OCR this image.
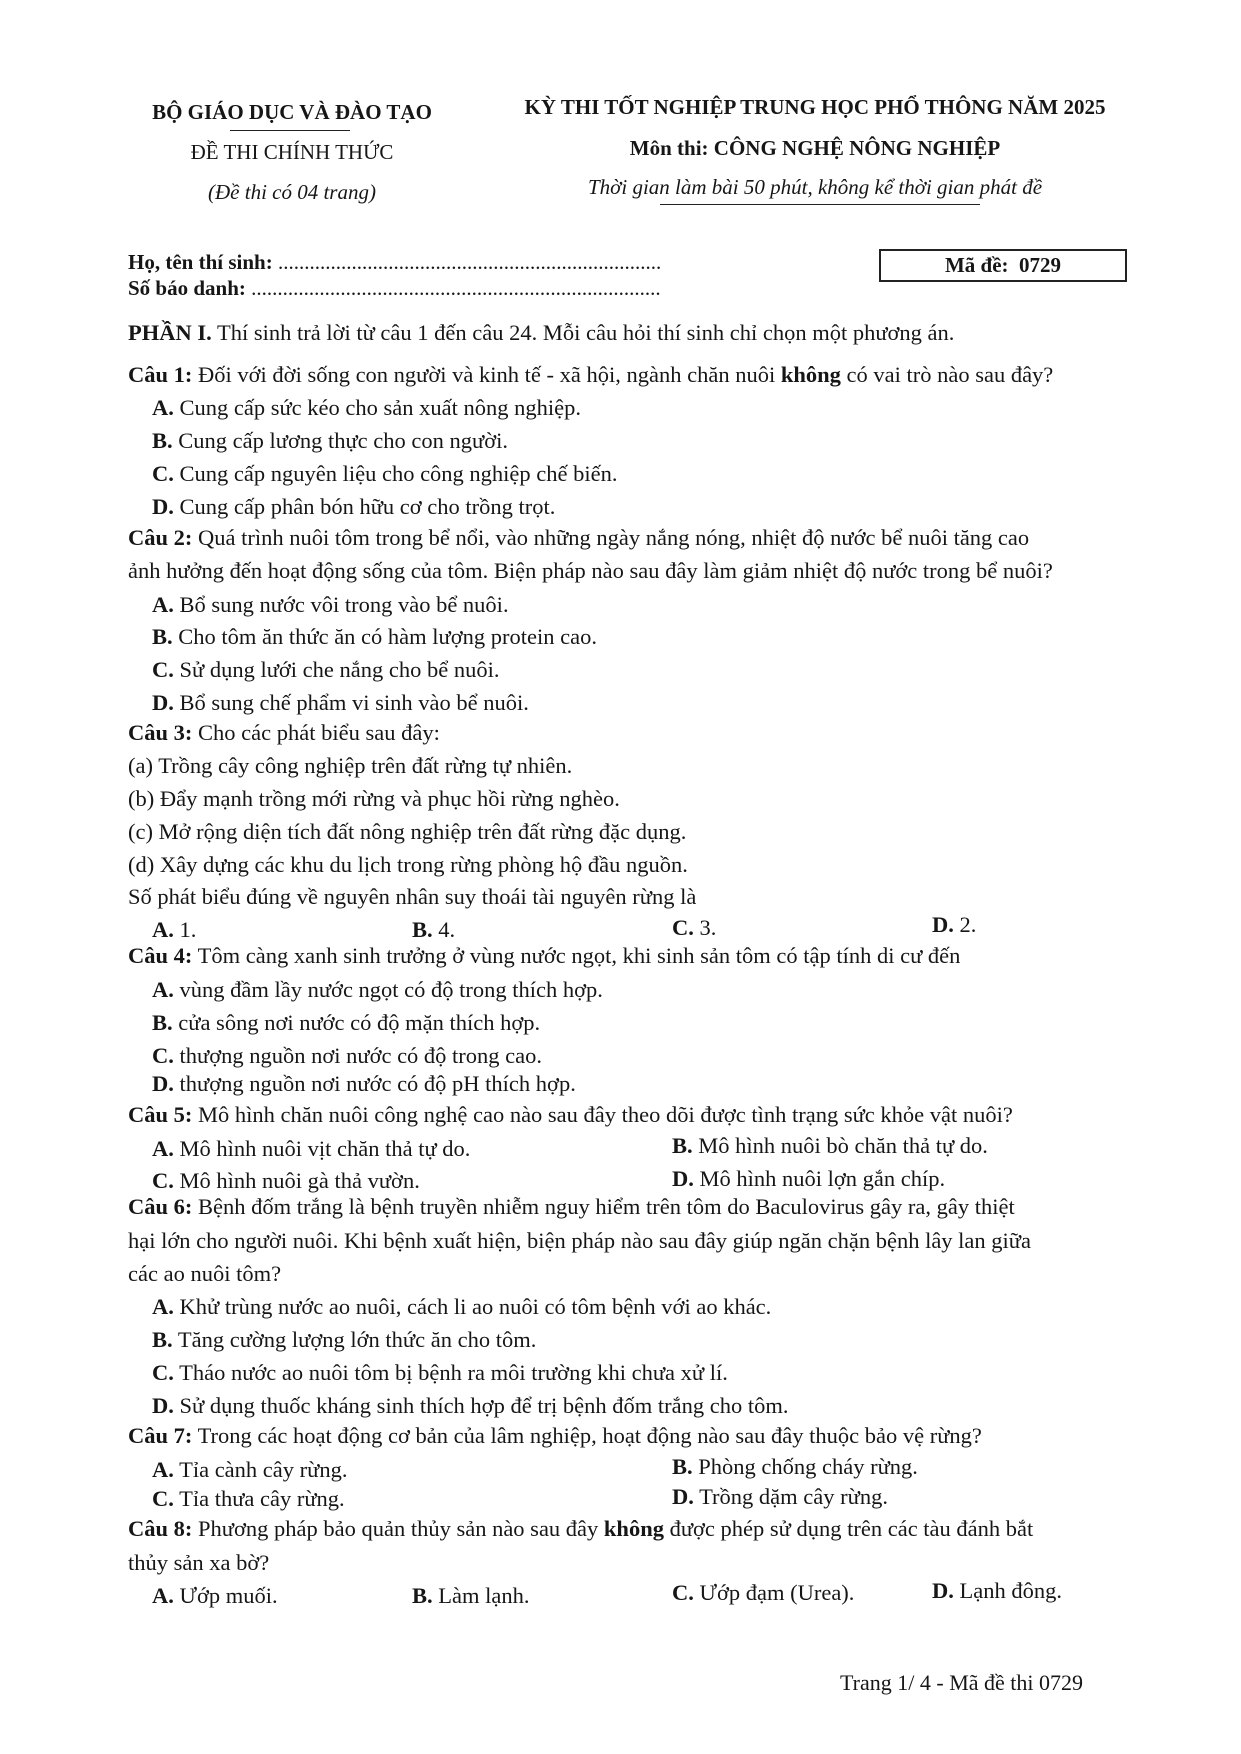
BỘ GIÁO DỤC VÀ ĐÀO TẠO
ĐỀ THI CHÍNH THỨC
(Đề thi có 04 trang)
KỲ THI TỐT NGHIỆP TRUNG HỌC PHỔ THÔNG NĂM 2025
Môn thi: CÔNG NGHỆ NÔNG NGHIỆP
Thời gian làm bài 50 phút, không kể thời gian phát đề
Họ, tên thí sinh: .........................................................................
Số báo danh: ..............................................................................
Mã đề: 0729
PHẦN I. Thí sinh trả lời từ câu 1 đến câu 24. Mỗi câu hỏi thí sinh chỉ chọn một phương án.
Câu 1: Đối với đời sống con người và kinh tế - xã hội, ngành chăn nuôi không có vai trò nào sau đây?
A. Cung cấp sức kéo cho sản xuất nông nghiệp.
B. Cung cấp lương thực cho con người.
C. Cung cấp nguyên liệu cho công nghiệp chế biến.
D. Cung cấp phân bón hữu cơ cho trồng trọt.
Câu 2: Quá trình nuôi tôm trong bể nổi, vào những ngày nắng nóng, nhiệt độ nước bể nuôi tăng cao
ảnh hưởng đến hoạt động sống của tôm. Biện pháp nào sau đây làm giảm nhiệt độ nước trong bể nuôi?
A. Bổ sung nước vôi trong vào bể nuôi.
B. Cho tôm ăn thức ăn có hàm lượng protein cao.
C. Sử dụng lưới che nắng cho bể nuôi.
D. Bổ sung chế phẩm vi sinh vào bể nuôi.
Câu 3: Cho các phát biểu sau đây:
(a) Trồng cây công nghiệp trên đất rừng tự nhiên.
(b) Đẩy mạnh trồng mới rừng và phục hồi rừng nghèo.
(c) Mở rộng diện tích đất nông nghiệp trên đất rừng đặc dụng.
(d) Xây dựng các khu du lịch trong rừng phòng hộ đầu nguồn.
Số phát biểu đúng về nguyên nhân suy thoái tài nguyên rừng là
A. 1.	B. 4.	C. 3.	D. 2.
Câu 4: Tôm càng xanh sinh trưởng ở vùng nước ngọt, khi sinh sản tôm có tập tính di cư đến
A. vùng đầm lầy nước ngọt có độ trong thích hợp.
B. cửa sông nơi nước có độ mặn thích hợp.
C. thượng nguồn nơi nước có độ trong cao.
D. thượng nguồn nơi nước có độ pH thích hợp.
Câu 5: Mô hình chăn nuôi công nghệ cao nào sau đây theo dõi được tình trạng sức khỏe vật nuôi?
A. Mô hình nuôi vịt chăn thả tự do.	B. Mô hình nuôi bò chăn thả tự do.
C. Mô hình nuôi gà thả vườn.	D. Mô hình nuôi lợn gắn chíp.
Câu 6: Bệnh đốm trắng là bệnh truyền nhiễm nguy hiểm trên tôm do Baculovirus gây ra, gây thiệt
hại lớn cho người nuôi. Khi bệnh xuất hiện, biện pháp nào sau đây giúp ngăn chặn bệnh lây lan giữa
các ao nuôi tôm?
A. Khử trùng nước ao nuôi, cách li ao nuôi có tôm bệnh với ao khác.
B. Tăng cường lượng lớn thức ăn cho tôm.
C. Tháo nước ao nuôi tôm bị bệnh ra môi trường khi chưa xử lí.
D. Sử dụng thuốc kháng sinh thích hợp để trị bệnh đốm trắng cho tôm.
Câu 7: Trong các hoạt động cơ bản của lâm nghiệp, hoạt động nào sau đây thuộc bảo vệ rừng?
A. Tỉa cành cây rừng.	B. Phòng chống cháy rừng.
C. Tỉa thưa cây rừng.	D. Trồng dặm cây rừng.
Câu 8: Phương pháp bảo quản thủy sản nào sau đây không được phép sử dụng trên các tàu đánh bắt
thủy sản xa bờ?
A. Ướp muối.	B. Làm lạnh.	C. Ướp đạm (Urea).	D. Lạnh đông.
Trang 1/ 4 - Mã đề thi 0729
